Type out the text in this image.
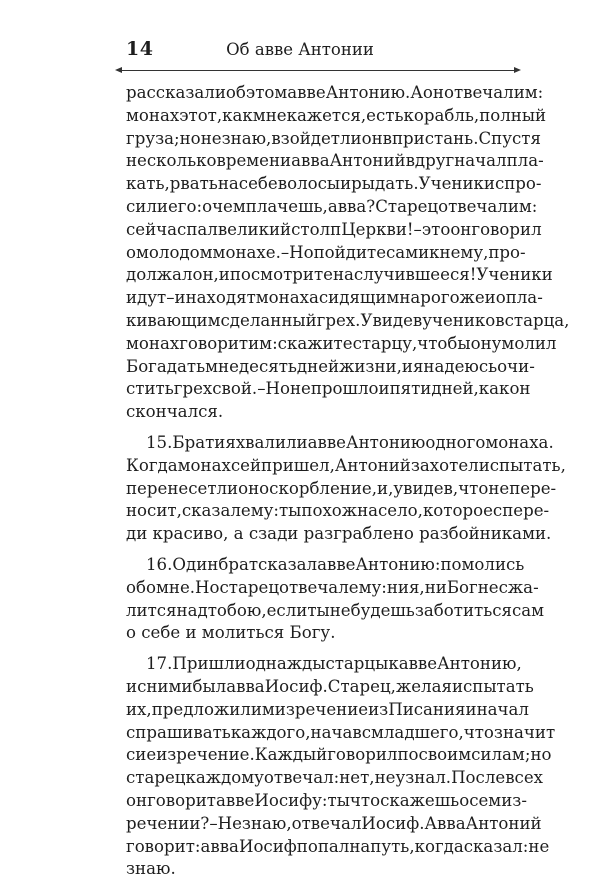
14	Об авве Антонии
рассказали об этом авве Антонию. А он отвечал им:
монах этот, как мне кажется, есть корабль, полный
груза; но не знаю, взойдет ли он в пристань. Спустя
несколько времени авва Антоний вдруг начал пла-
кать, рвать на себе волосы и рыдать. Ученики спро-
сили его: о чем плачешь, авва? Старец отвечал им:
сейчас пал великий столп Церкви! – это он говорил
о молодом монахе. – Но пойдите сами к нему, про-
должал он, и посмотрите на случившееся! Ученики
идут – и находят монаха сидящим на рогоже и опла-
кивающим сделанный грех. Увидев учеников старца,
монах говорит им: скажите старцу, чтобы он умолил
Бога дать мне десять дней жизни, и я надеюсь очи-
стить грех свой. – Но не прошло и пяти дней, как он
скончался.
15. Братия хвалили авве Антонию одного монаха.
Когда монах сей пришел, Антоний захотел испытать,
перенесет ли он оскорбление, и, увидев, что не пере-
носит, сказал ему: ты похож на село, которое спере-
ди красиво, а сзади разграблено разбойниками.
16. Один брат сказал авве Антонию: помолись
обо мне. Но старец отвечал ему: ни я, ни Бог не сжа-
лится над тобою, если ты не будешь заботиться сам
о себе и молиться Богу.
17. Пришли однажды старцы к авве Антонию,
и с ними был авва Иосиф. Старец, желая испытать
их, предложил им изречение из Писания и начал
спрашивать каждого, начав с младшего, что значит
сие изречение. Каждый говорил по своим силам; но
старец каждому отвечал: нет, не узнал. После всех
он говорит авве Иосифу: ты что скажешь о сем из-
речении? – Не знаю, отвечал Иосиф. Авва Антоний
говорит: авва Иосиф попал на путь, когда сказал: не
знаю.
